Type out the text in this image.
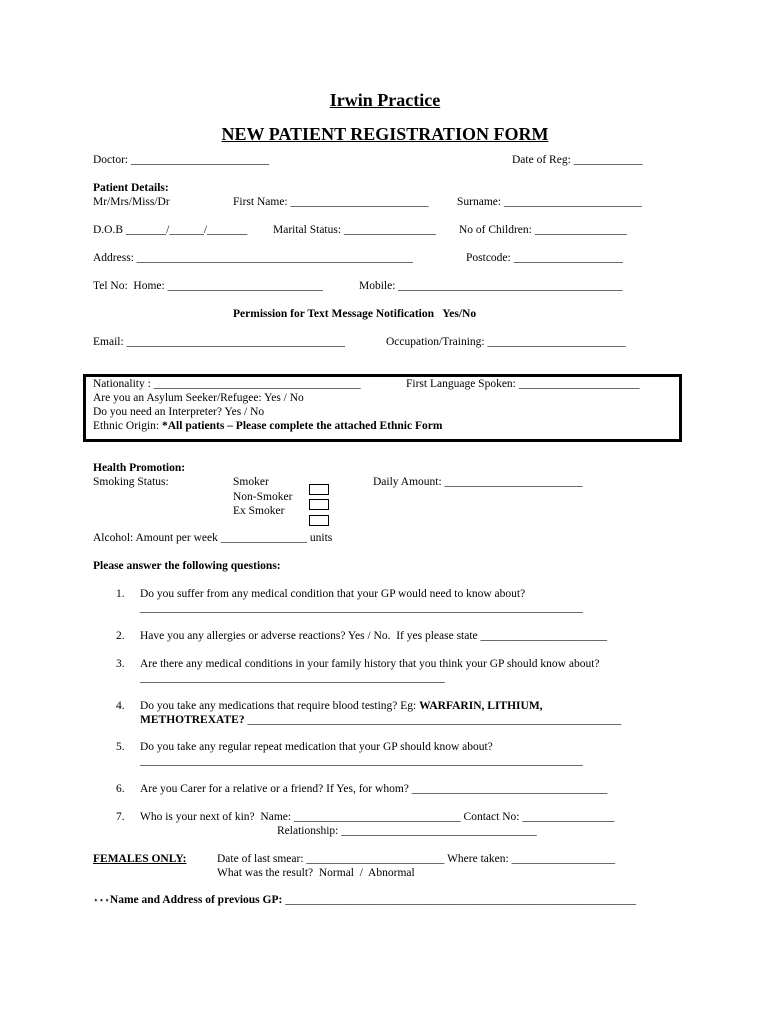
Irwin Practice
NEW PATIENT REGISTRATION FORM
Doctor: ________________________	Date of Reg: ____________
Patient Details:
Mr/Mrs/Miss/Dr	First Name: ________________________ Surname: ________________________
D.O.B _______/______/_______ Marital Status: ________________ No of Children: ________________
Address: ________________________________________________	Postcode: ___________________
Tel No:  Home: ___________________________	Mobile: _______________________________________
Permission for Text Message Notification   Yes/No
Email: ______________________________________	Occupation/Training: ________________________
Nationality : ____________________________________	First Language Spoken: _____________________
Are you an Asylum Seeker/Refugee: Yes / No
Do you need an Interpreter? Yes / No
Ethnic Origin: *All patients – Please complete the attached Ethnic Form
Health Promotion:
Smoking Status:	Smoker
Non-Smoker
Ex Smoker
Daily Amount: ________________________
Alcohol: Amount per week _______________ units
Please answer the following questions:
1. Do you suffer from any medical condition that your GP would need to know about?
_____________________________________________________________________________
2. Have you any allergies or adverse reactions? Yes / No.  If yes please state ______________________
3. Are there any medical conditions in your family history that you think your GP should know about?
_____________________________________________________
4. Do you take any medications that require blood testing? Eg: WARFARIN, LITHIUM,
METHOTREXATE? _________________________________________________________________
5. Do you take any regular repeat medication that your GP should know about?
_____________________________________________________________________________
6. Are you Carer for a relative or a friend? If Yes, for whom? __________________________________
7. Who is your next of kin?  Name: _____________________________ Contact No: ________________
Relationship: __________________________________
FEMALES ONLY:	Date of last smear: ________________________ Where taken: __________________
What was the result?  Normal  /  Abnormal
⋆⋆⋆Name and Address of previous GP: _____________________________________________________________
